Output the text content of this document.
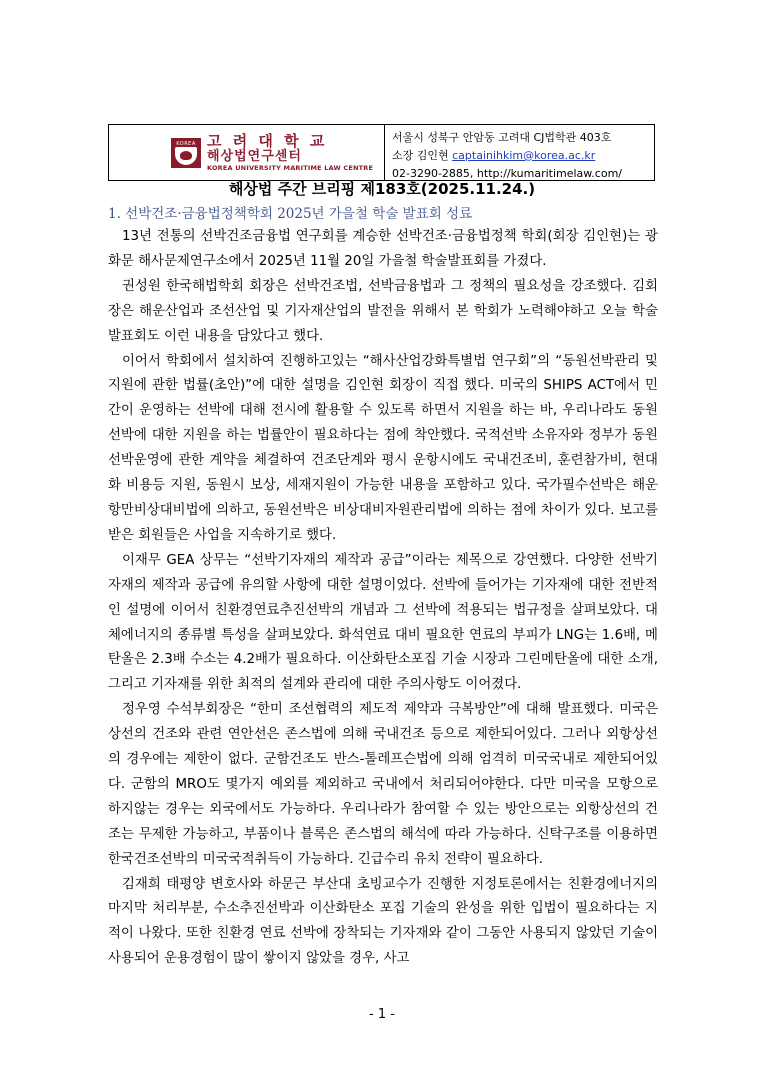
KOREA 고 려 대 학 교
해상법연구센터
KOREA UNIVERSITY MARITIME LAW CENTRE
서울시 성북구 안암동 고려대 CJ법학관 403호
소장 김인현 captainihkim@korea.ac.kr
02-3290-2885, http://kumaritimelaw.com/
해상법 주간 브리핑 제183호(2025.11.24.)
1. 선박건조·금융법정책학회 2025년 가을철 학술 발표회 성료

13년 전통의 선박건조금융법 연구회를 계승한 선박건조·금융법정책 학회(회장 김인현)는 광화문 해사문제연구소에서 2025년 11월 20일 가을철 학술발표회를 가졌다.

권성원 한국해법학회 회장은 선박건조법, 선박금융법과 그 정책의 필요성을 강조했다. 김회장은 해운산업과 조선산업 및 기자재산업의 발전을 위해서 본 학회가 노력해야하고 오늘 학술발표회도 이런 내용을 담았다고 했다.

이어서 학회에서 설치하여 진행하고있는 “해사산업강화특별법 연구회”의 “동원선박관리 및 지원에 관한 법률(초안)”에 대한 설명을 김인현 회장이 직접 했다. 미국의 SHIPS ACT에서 민간이 운영하는 선박에 대해 전시에 활용할 수 있도록 하면서 지원을 하는 바, 우리나라도 동원선박에 대한 지원을 하는 법률안이 필요하다는 점에 착안했다. 국적선박 소유자와 정부가 동원선박운영에 관한 계약을 체결하여 건조단계와 평시 운항시에도 국내건조비, 훈련참가비, 현대화 비용등 지원, 동원시 보상, 세재지원이 가능한 내용을 포함하고 있다. 국가필수선박은 해운항만비상대비법에 의하고, 동원선박은 비상대비자원관리법에 의하는 점에 차이가 있다. 보고를 받은 회원들은 사업을 지속하기로 했다.

이재무 GEA 상무는 “선박기자재의 제작과 공급”이라는 제목으로 강연했다. 다양한 선박기자재의 제작과 공급에 유의할 사항에 대한 설명이었다. 선박에 들어가는 기자재에 대한 전반적인 설명에 이어서 친환경연료추진선박의 개념과 그 선박에 적용되는 법규정을 살펴보았다. 대체에너지의 종류별 특성을 살펴보았다. 화석연료 대비 필요한 연료의 부피가 LNG는 1.6배, 메탄올은 2.3배 수소는 4.2배가 필요하다. 이산화탄소포집 기술 시장과 그린메탄올에 대한 소개, 그리고 기자재를 위한 최적의 설계와 관리에 대한 주의사항도 이어졌다.

정우영 수석부회장은 “한미 조선협력의 제도적 제약과 극복방안”에 대해 발표했다. 미국은 상선의 건조와 관련 연안선은 존스법에 의해 국내건조 등으로 제한되어있다. 그러나 외항상선의 경우에는 제한이 없다. 군함건조도 반스-톨레프슨법에 의해 엄격히 미국국내로 제한되어있다. 군함의 MRO도 몇가지 예외를 제외하고 국내에서 처리되어야한다. 다만 미국을 모항으로 하지않는 경우는 외국에서도 가능하다. 우리나라가 참여할 수 있는 방안으로는 외항상선의 건조는 무제한 가능하고, 부품이나 블록은 존스법의 해석에 따라 가능하다. 신탁구조를 이용하면 한국건조선박의 미국국적취득이 가능하다. 긴급수리 유치 전략이 필요하다.

김재희 태평양 변호사와 하문근 부산대 초빙교수가 진행한 지정토론에서는 친환경에너지의 마지막 처리부분, 수소추진선박과 이산화탄소 포집 기술의 완성을 위한 입법이 필요하다는 지적이 나왔다. 또한 친환경 연료 선박에 장착되는 기자재와 같이 그동안 사용되지 않았던 기술이 사용되어 운용경험이 많이 쌓이지 않았을 경우, 사고

- 1 -
